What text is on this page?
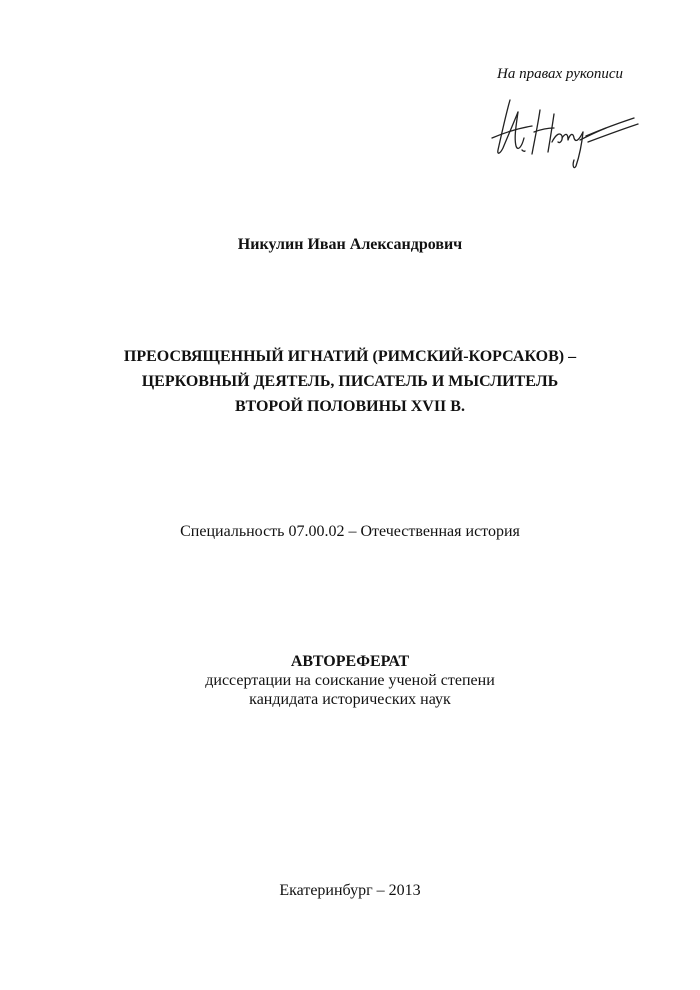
На правах рукописи
Никулин Иван Александрович
ПРЕОСВЯЩЕННЫЙ ИГНАТИЙ (РИМСКИЙ-КОРСАКОВ) –
ЦЕРКОВНЫЙ ДЕЯТЕЛЬ, ПИСАТЕЛЬ И МЫСЛИТЕЛЬ
ВТОРОЙ ПОЛОВИНЫ XVII В.
Специальность 07.00.02 – Отечественная история
АВТОРЕФЕРАТ
диссертации на соискание ученой степени
кандидата исторических наук
Екатеринбург – 2013
